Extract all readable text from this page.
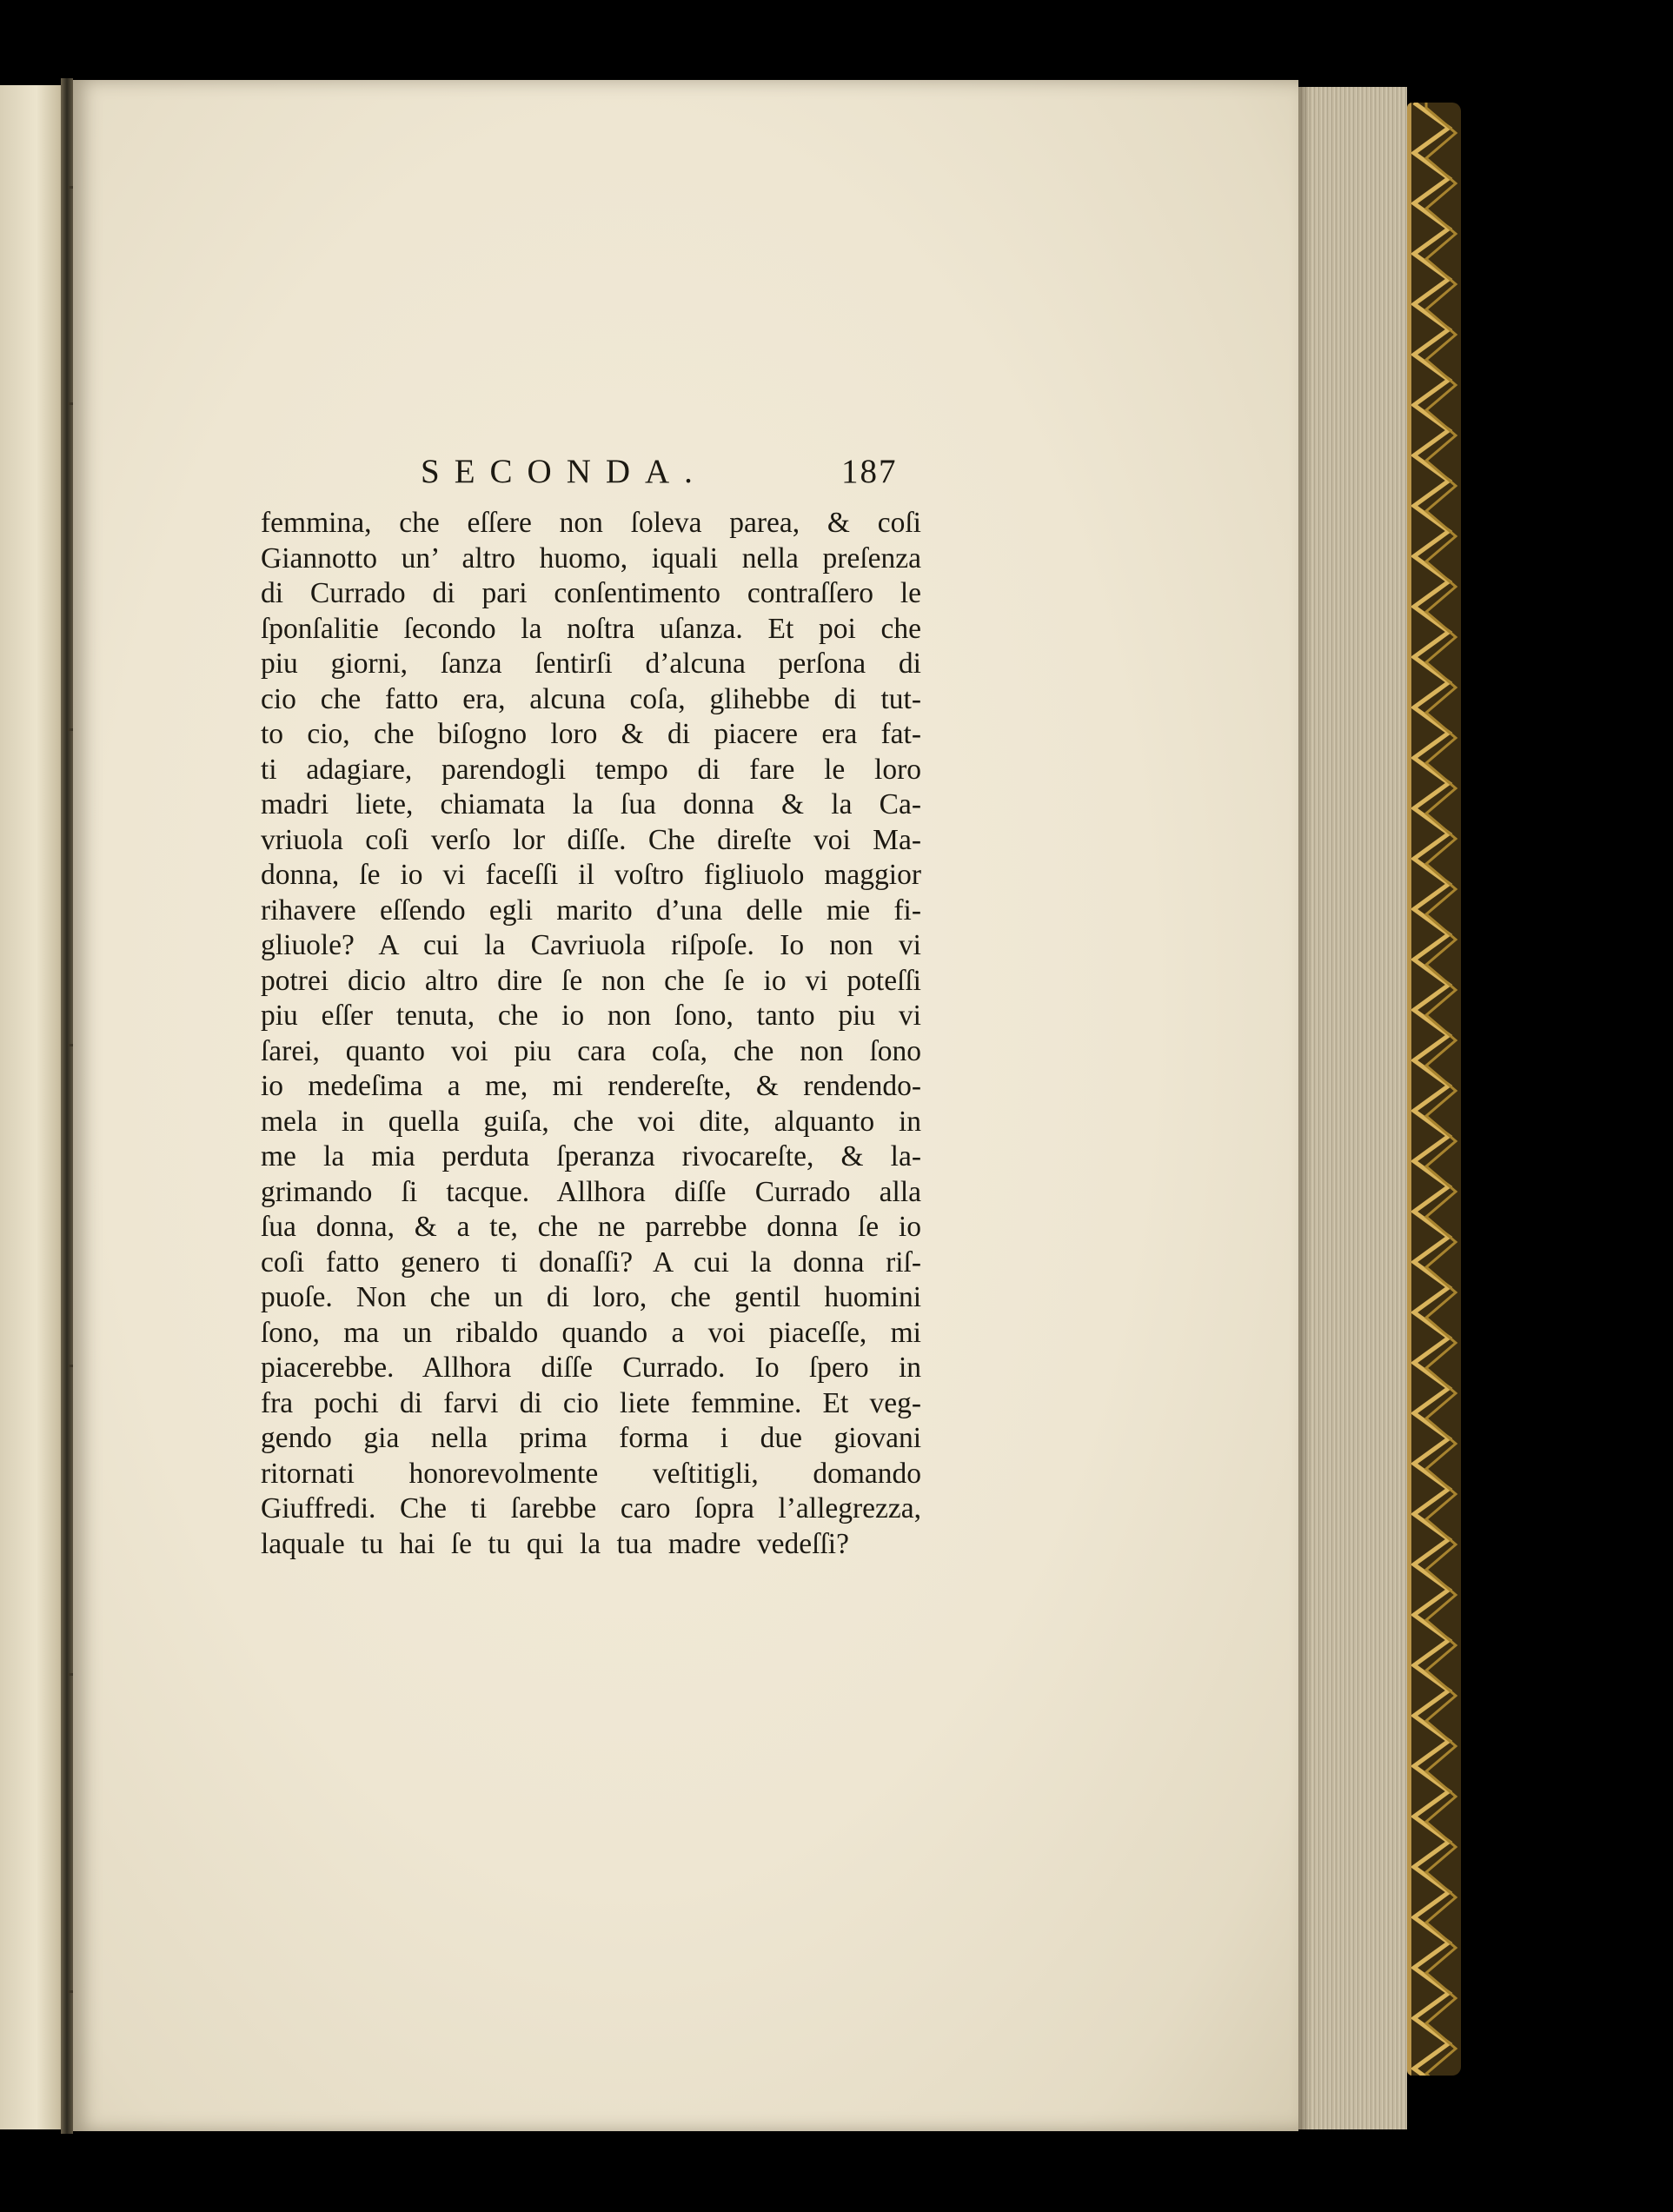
SECONDA.	187
femmina, che eſſere non ſoleva parea, & coſi
Giannotto un’ altro huomo, iquali nella preſenza
di Currado di pari conſentimento contraſſero le
ſponſalitie ſecondo la noſtra uſanza. Et poi che
piu giorni, ſanza ſentirſi d’alcuna perſona di
cio che fatto era, alcuna coſa, glihebbe di tut-
to cio, che biſogno loro & di piacere era fat-
ti adagiare, parendogli tempo di fare le loro
madri liete, chiamata la ſua donna & la Ca-
vriuola coſi verſo lor diſſe. Che direſte voi Ma-
donna, ſe io vi faceſſi il voſtro figliuolo maggior
rihavere eſſendo egli marito d’una delle mie fi-
gliuole? A cui la Cavriuola riſpoſe. Io non vi
potrei dicio altro dire ſe non che ſe io vi poteſſi
piu eſſer tenuta, che io non ſono, tanto piu vi
ſarei, quanto voi piu cara coſa, che non ſono
io medeſima a me, mi rendereſte, & rendendo-
mela in quella guiſa, che voi dite, alquanto in
me la mia perduta ſperanza rivocareſte, & la-
grimando ſi tacque. Allhora diſſe Currado alla
ſua donna, & a te, che ne parrebbe donna ſe io
coſi fatto genero ti donaſſi? A cui la donna riſ-
puoſe. Non che un di loro, che gentil huomini
ſono, ma un ribaldo quando a voi piaceſſe, mi
piacerebbe. Allhora diſſe Currado. Io ſpero in
fra pochi di farvi di cio liete femmine. Et veg-
gendo gia nella prima forma i due giovani
ritornati honorevolmente veſtitigli, domando
Giuffredi. Che ti ſarebbe caro ſopra l’allegrezza,
laquale tu hai ſe tu qui la tua madre vedeſſi?
